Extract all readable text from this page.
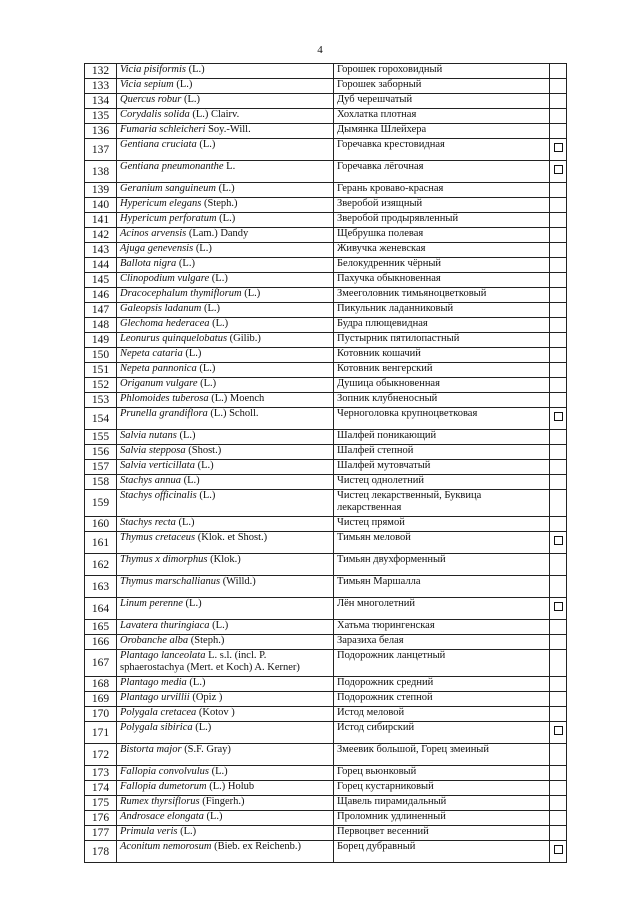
4
132	Vicia pisiformis (L.)	Горошек гороховидный	
133	Vicia sepium (L.)	Горошек заборный	
134	Quercus robur (L.)	Дуб черешчатый	
135	Corydalis solida (L.) Clairv.	Хохлатка плотная	
136	Fumaria schleicheri Soy.-Will.	Дымянка Шлейхера	
137	Gentiana cruciata (L.)	Горечавка крестовидная	
138	Gentiana pneumonanthe L.	Горечавка лёгочная	
139	Geranium sanguineum (L.)	Герань кроваво-красная	
140	Hypericum elegans (Steph.)	Зверобой изящный	
141	Hypericum perforatum (L.)	Зверобой продырявленный	
142	Acinos arvensis (Lam.) Dandy	Щебрушка полевая	
143	Ajuga genevensis (L.)	Живучка женевская	
144	Ballota nigra (L.)	Белокудренник чёрный	
145	Clinopodium vulgare (L.)	Пахучка обыкновенная	
146	Dracocephalum thymiflorum (L.)	Змееголовник тимьяноцветковый	
147	Galeopsis ladanum (L.)	Пикульник ладанниковый	
148	Glechoma hederacea (L.)	Будра плющевидная	
149	Leonurus quinquelobatus (Gilib.)	Пустырник пятилопастный	
150	Nepeta cataria (L.)	Котовник кошачий	
151	Nepeta pannonica (L.)	Котовник венгерский	
152	Origanum vulgare (L.)	Душица обыкновенная	
153	Phlomoides tuberosa (L.) Moench	Зопник клубненосный	
154	Prunella grandiflora (L.) Scholl.	Черноголовка крупноцветковая	
155	Salvia nutans (L.)	Шалфей поникающий	
156	Salvia stepposa (Shost.)	Шалфей степной	
157	Salvia verticillata (L.)	Шалфей мутовчатый	
158	Stachys annua (L.)	Чистец однолетний	
159	Stachys officinalis (L.)	Чистец лекарственный, Буквица лекарственная	
160	Stachys recta (L.)	Чистец прямой	
161	Thymus cretaceus (Klok. et Shost.)	Тимьян меловой	
162	Thymus x dimorphus (Klok.)	Тимьян двухформенный	
163	Thymus marschallianus (Willd.)	Тимьян Маршалла	
164	Linum perenne (L.)	Лён многолетний	
165	Lavatera thuringiaca (L.)	Хатьма тюрингенская	
166	Orobanche alba (Steph.)	Заразиха белая	
167	Plantago lanceolata L. s.l. (incl. P. sphaerostachya (Mert. et Koch) A. Kerner)	Подорожник ланцетный	
168	Plantago media (L.)	Подорожник средний	
169	Plantago urvillii (Opiz )	Подорожник степной	
170	Polygala cretacea (Kotov )	Истод меловой	
171	Polygala sibirica (L.)	Истод сибирский	
172	Bistorta major (S.F. Gray)	Змеевик большой, Горец змеиный	
173	Fallopia convolvulus (L.)	Горец вьюнковый	
174	Fallopia dumetorum (L.) Holub	Горец кустарниковый	
175	Rumex thyrsiflorus (Fingerh.)	Щавель пирамидальный	
176	Androsace elongata (L.)	Проломник удлиненный	
177	Primula veris (L.)	Первоцвет весенний	
178	Aconitum nemorosum (Bieb. ex Reichenb.)	Борец дубравный	
